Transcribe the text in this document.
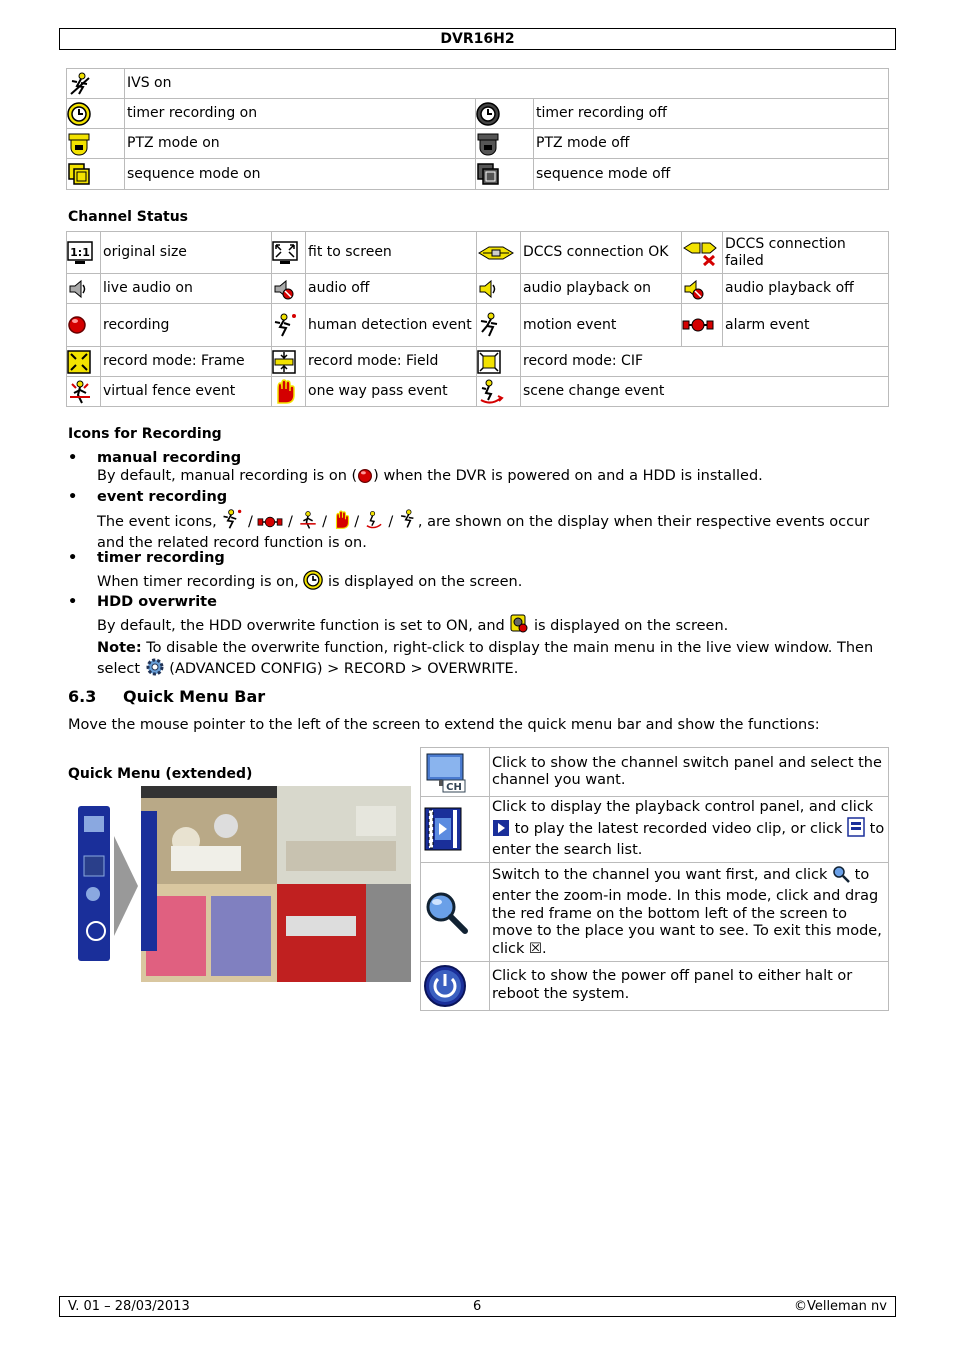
DVR16H2
	IVS on		

	timer recording on		timer recording off

	PTZ mode on		PTZ mode off

	sequence mode on		sequence mode off
Channel Status
1:1	original size		fit to screen		DCCS connection OK		DCCS connection failed

	live audio on		audio off		audio playback on		audio playback off

	recording		human detection event		motion event		alarm event

	record mode: Frame		record mode: Field		record mode: CIF		

	virtual fence event		one way pass event		scene change event		
Icons for Recording
• manual recording
By default, manual recording is on ( ) when the DVR is powered on and a HDD is installed.
• event recording
The event icons,  / / / / / , are shown on the display when their respective events occur and the related record function is on.
• timer recording
When timer recording is on,  is displayed on the screen.
• HDD overwrite
By default, the HDD overwrite function is set to ON, and  is displayed on the screen.
Note: To disable the overwrite function, right-click to display the main menu in the live view window. Then select  (ADVANCED CONFIG) > RECORD > OVERWRITE.
6.3 Quick Menu Bar
Move the mouse pointer to the left of the screen to extend the quick menu bar and show the functions:
Quick Menu (extended)
CH	Click to show the channel switch panel and select the channel you want.

	Click to display the playback control panel, and click  to play the latest recorded video clip, or click  to enter the search list.

	Switch to the channel you want first, and click  to enter the zoom-in mode. In this mode, click and drag the red frame on the bottom left of the screen to move to the place you want to see. To exit this mode, click ☒.

	Click to show the power off panel to either halt or reboot the system.
V. 01 – 28/03/2013	6	©Velleman nv
